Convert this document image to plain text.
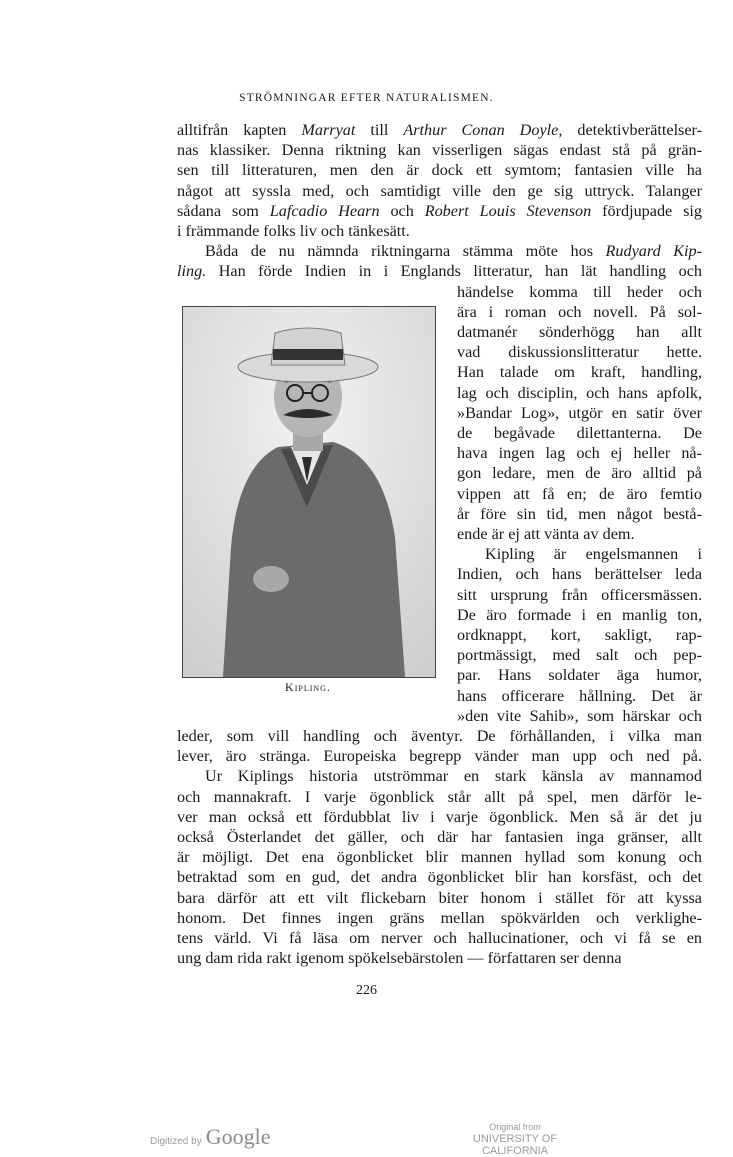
STRÖMNINGAR EFTER NATURALISMEN.
alltifrån kapten Marryat till Arthur Conan Doyle, detektivberättelser-
nas klassiker. Denna riktning kan visserligen sägas endast stå på grän-
sen till litteraturen, men den är dock ett symtom; fantasien ville ha
något att syssla med, och samtidigt ville den ge sig uttryck. Talanger
sådana som Lafcadio Hearn och Robert Louis Stevenson fördjupade sig
i främmande folks liv och tänkesätt.
Båda de nu nämnda riktningarna stämma möte hos Rudyard Kip-
ling. Han förde Indien in i Englands litteratur, han lät handling och
händelse komma till heder och
ära i roman och novell. På sol-
datmanér sönderhögg han allt
vad diskussionslitteratur hette.
Han talade om kraft, handling,
lag och disciplin, och hans apfolk,
»Bandar Log», utgör en satir över
de begåvade dilettanterna. De
hava ingen lag och ej heller nå-
gon ledare, men de äro alltid på
vippen att få en; de äro femtio
år före sin tid, men något bestå-
ende är ej att vänta av dem.
Kipling är engelsmannen i
Indien, och hans berättelser leda
sitt ursprung från officersmässen.
De äro formade i en manlig ton,
ordknappt, kort, sakligt, rap-
portmässigt, med salt och pep-
par. Hans soldater äga humor,
hans officerare hållning. Det är
»den vite Sahib», som härskar och
leder, som vill handling och äventyr. De förhållanden, i vilka man
lever, äro stränga. Europeiska begrepp vänder man upp och ned på.
Ur Kiplings historia utströmmar en stark känsla av mannamod
och mannakraft. I varje ögonblick står allt på spel, men därför le-
ver man också ett fördubblat liv i varje ögonblick. Men så är det ju
också Österlandet det gäller, och där har fantasien inga gränser, allt
är möjligt. Det ena ögonblicket blir mannen hyllad som konung och
betraktad som en gud, det andra ögonblicket blir han korsfäst, och det
bara därför att ett vilt flickebarn biter honom i stället för att kyssa
honom. Det finnes ingen gräns mellan spökvärlden och verklighe-
tens värld. Vi få läsa om nerver och hallucinationer, och vi få se en
ung dam rida rakt igenom spökelsebärstolen — författaren ser denna
Kipling.
226
Digitized by Google	Original from
UNIVERSITY OF CALIFORNIA
